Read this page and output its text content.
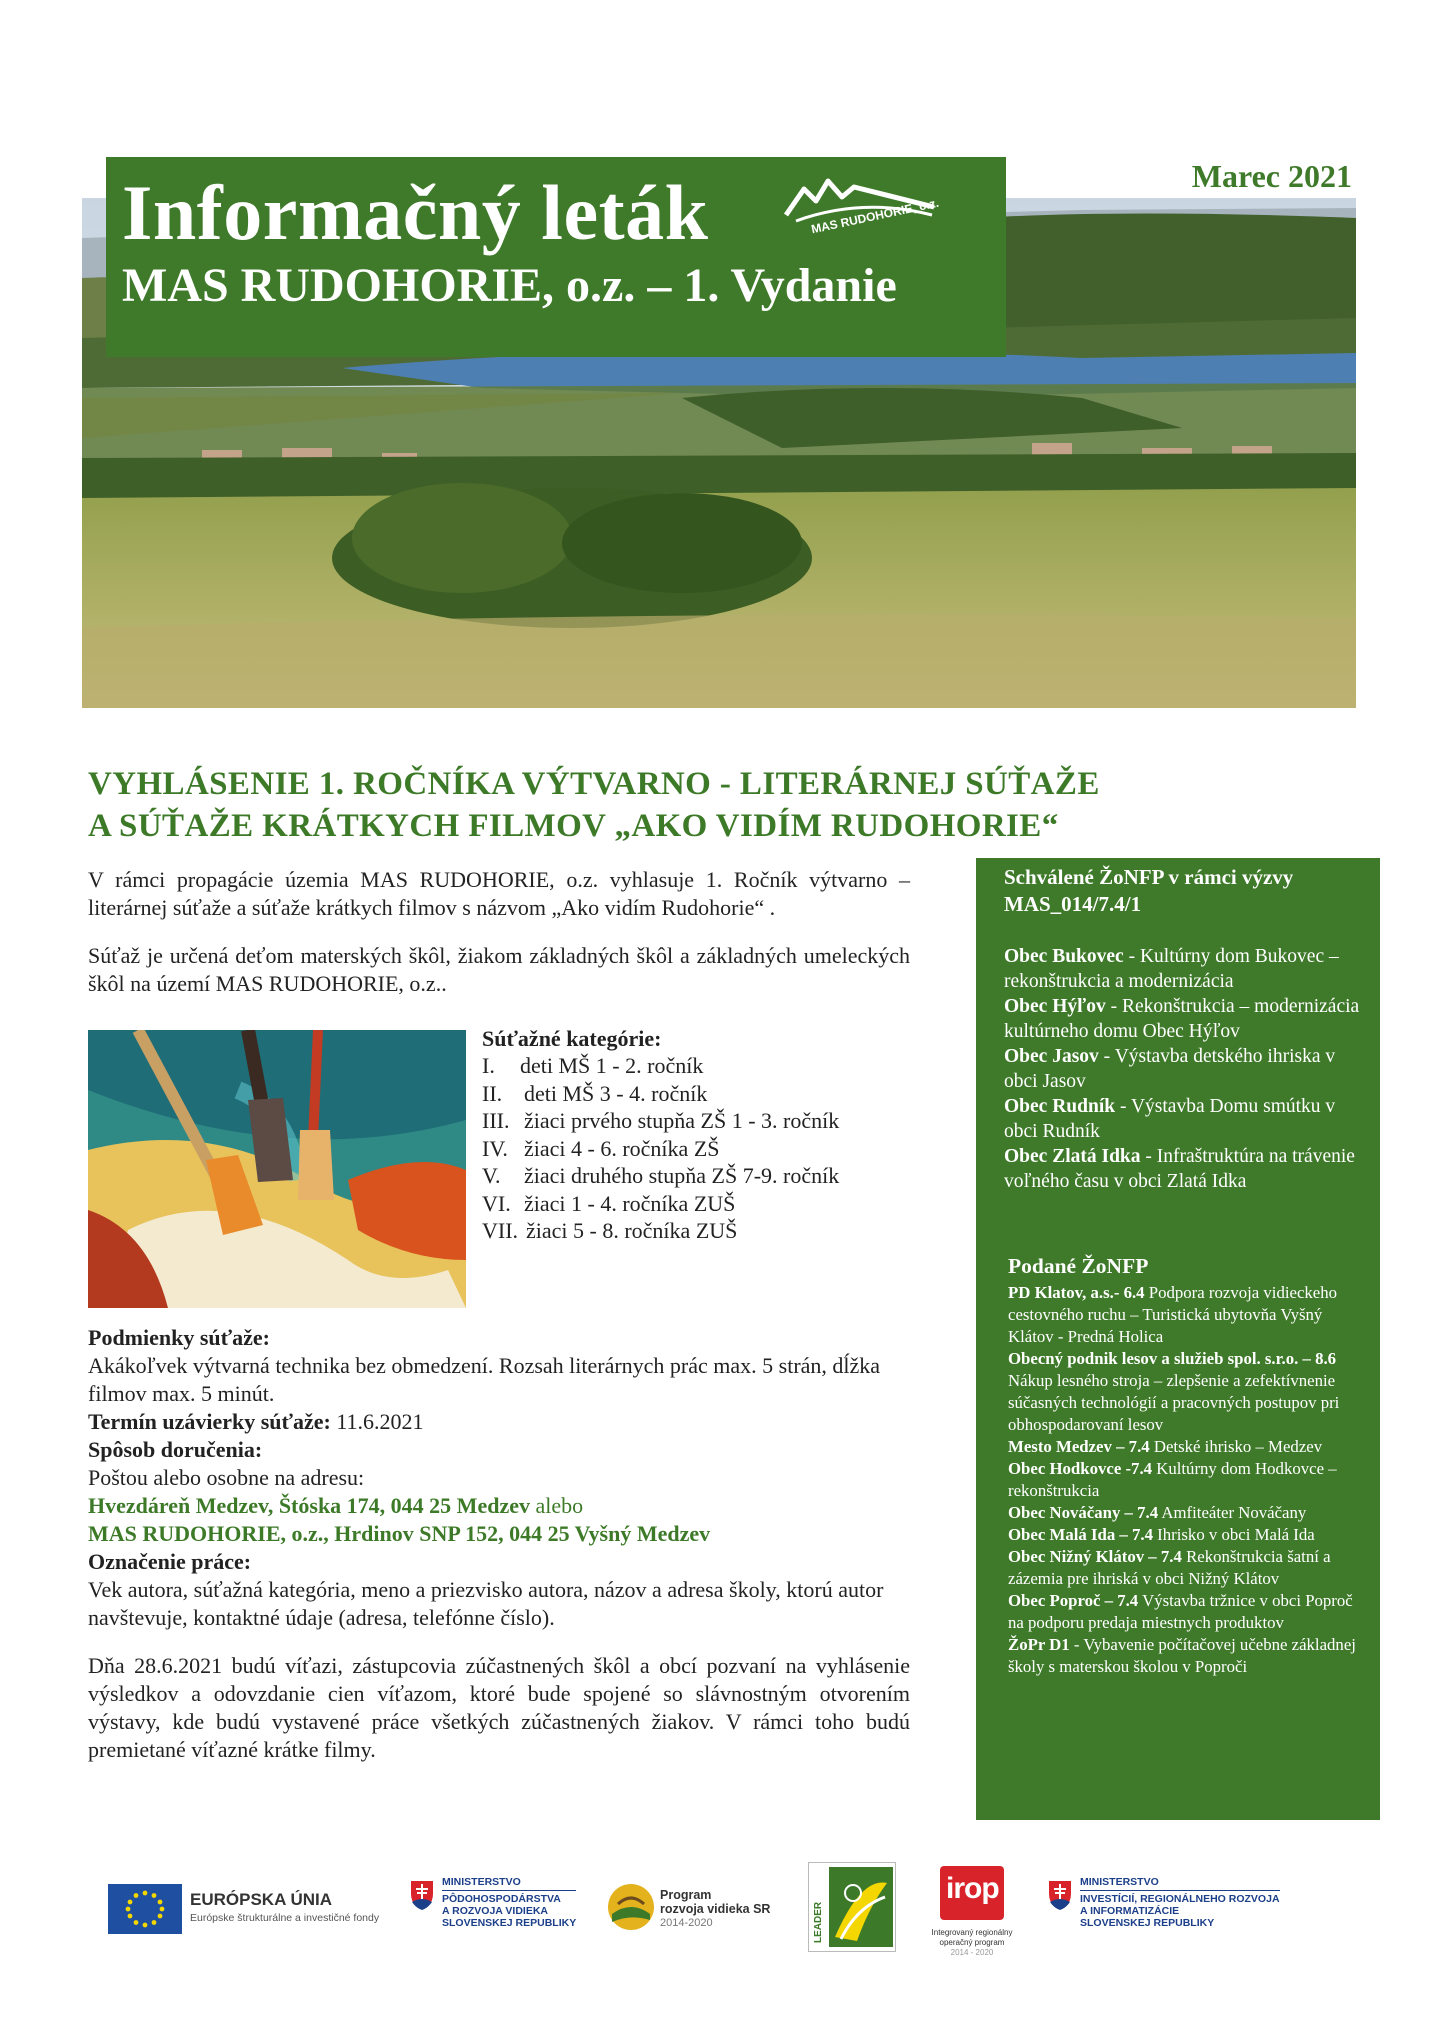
Informačný leták
MAS RUDOHORIE, o.z. – 1. Vydanie
MAS RUDOHORIE, o.z.
Marec 2021
VYHLÁSENIE 1. ROČNÍKA VÝTVARNO - LITERÁRNEJ SÚŤAŽE
A SÚŤAŽE KRÁTKYCH FILMOV „AKO VIDÍM RUDOHORIE“
V rámci propagácie územia MAS RUDOHORIE, o.z. vyhlasuje 1. Ročník výtvarno – literárnej súťaže a súťaže krátkych filmov s názvom „Ako vidím Rudohorie“ .
Súťaž je určená deťom materských škôl, žiakom základných škôl a základných umeleckých škôl na území MAS RUDOHORIE, o.z..
Súťažné kategórie:
I. deti MŠ 1 - 2. ročník
II. deti MŠ 3 - 4. ročník
III. žiaci prvého stupňa ZŠ 1 - 3. ročník
IV. žiaci 4 - 6. ročníka ZŠ
V. žiaci druhého stupňa ZŠ 7-9. ročník
VI. žiaci 1 - 4. ročníka ZUŠ
VII. žiaci 5 - 8. ročníka ZUŠ
Podmienky súťaže:
Akákoľvek výtvarná technika bez obmedzení. Rozsah literárnych prác max. 5 strán, dĺžka filmov max. 5 minút.
Termín uzávierky súťaže: 11.6.2021
Spôsob doručenia:
Poštou alebo osobne na adresu:
Hvezdáreň Medzev, Štóska 174, 044 25 Medzev alebo
MAS RUDOHORIE, o.z., Hrdinov SNP 152, 044 25 Vyšný Medzev
Označenie práce:
Vek autora, súťažná kategória, meno a priezvisko autora, názov a adresa školy, ktorú autor navštevuje, kontaktné údaje (adresa, telefónne číslo).
Dňa 28.6.2021 budú víťazi, zástupcovia zúčastnených škôl a obcí pozvaní na vyhlásenie výsledkov a odovzdanie cien víťazom, ktoré bude spojené so slávnostným otvorením výstavy, kde budú vystavené práce všetkých zúčastnených žiakov. V rámci toho budú premietané víťazné krátke filmy.
Schválené ŽoNFP v rámci výzvy MAS_014/7.4/1

Obec Bukovec - Kultúrny dom Bukovec – rekonštrukcia a modernizácia

Obec Hýľov - Rekonštrukcia – modernizácia kultúrneho domu Obec Hýľov

Obec Jasov - Výstavba detského ihriska v obci Jasov

Obec Rudník - Výstavba Domu smútku v obci Rudník

Obec Zlatá Idka - Infraštruktúra na trávenie voľného času v obci Zlatá Idka

Podané ŽoNFP

PD Klatov, a.s.- 6.4 Podpora rozvoja vidieckeho cestovného ruchu – Turistická ubytovňa Vyšný Klátov - Predná Holica

Obecný podnik lesov a služieb spol. s.r.o. – 8.6 Nákup lesného stroja – zlepšenie a zefektívnenie súčasných technológií a pracovných postupov pri obhospodarovaní lesov

Mesto Medzev – 7.4 Detské ihrisko – Medzev

Obec Hodkovce -7.4 Kultúrny dom Hodkovce – rekonštrukcia

Obec Nováčany – 7.4 Amfiteáter Nováčany

Obec Malá Ida – 7.4 Ihrisko v obci Malá Ida

Obec Nižný Klátov – 7.4 Rekonštrukcia šatní a zázemia pre ihriská v obci Nižný Klátov

Obec Poproč – 7.4 Výstavba tržnice v obci Poproč na podporu predaja miestnych produktov

ŽoPr D1 - Vybavenie počítačovej učebne základnej školy s materskou školou v Poproči

EURÓPSKA ÚNIA
Európske štrukturálne a investičné fondy
MINISTERSTVO
PÔDOHOSPODÁRSTVA
A ROZVOJA VIDIEKA
SLOVENSKEJ REPUBLIKY
Program
rozvoja vidieka SR
2014-2020	LEADER
irop
Integrovaný regionálny
operačný program
2014 - 2020
MINISTERSTVO
INVESTÍCIÍ, REGIONÁLNEHO ROZVOJA
A INFORMATIZÁCIE
SLOVENSKEJ REPUBLIKY
